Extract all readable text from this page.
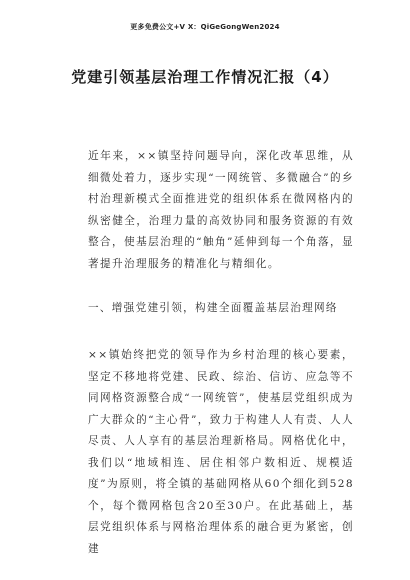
更多免费公文+V X：QiGeGongWen2024
党建引领基层治理工作情况汇报（4）

近年来，××镇坚持问题导向，深化改革思维，从细微处着力，逐步实现“一网统管、多微融合”的乡村治理新模式全面推进党的组织体系在微网格内的纵密健全，治理力量的高效协同和服务资源的有效整合，使基层治理的“触角”延伸到每一个角落，显著提升治理服务的精准化与精细化。

一、增强党建引领，构建全面覆盖基层治理网络

××镇始终把党的领导作为乡村治理的核心要素，坚定不移地将党建、民政、综治、信访、应急等不同网格资源整合成“一网统管”，使基层党组织成为广大群众的“主心骨”，致力于构建人人有责、人人尽责、人人享有的基层治理新格局。网格优化中，我们以“地域相连、居住相邻户数相近、规模适度”为原则，将全镇的基础网格从60个细化到528个，每个微网格包含20至30户。在此基础上，基层党组织体系与网格治理体系的融合更为紧密，创建
